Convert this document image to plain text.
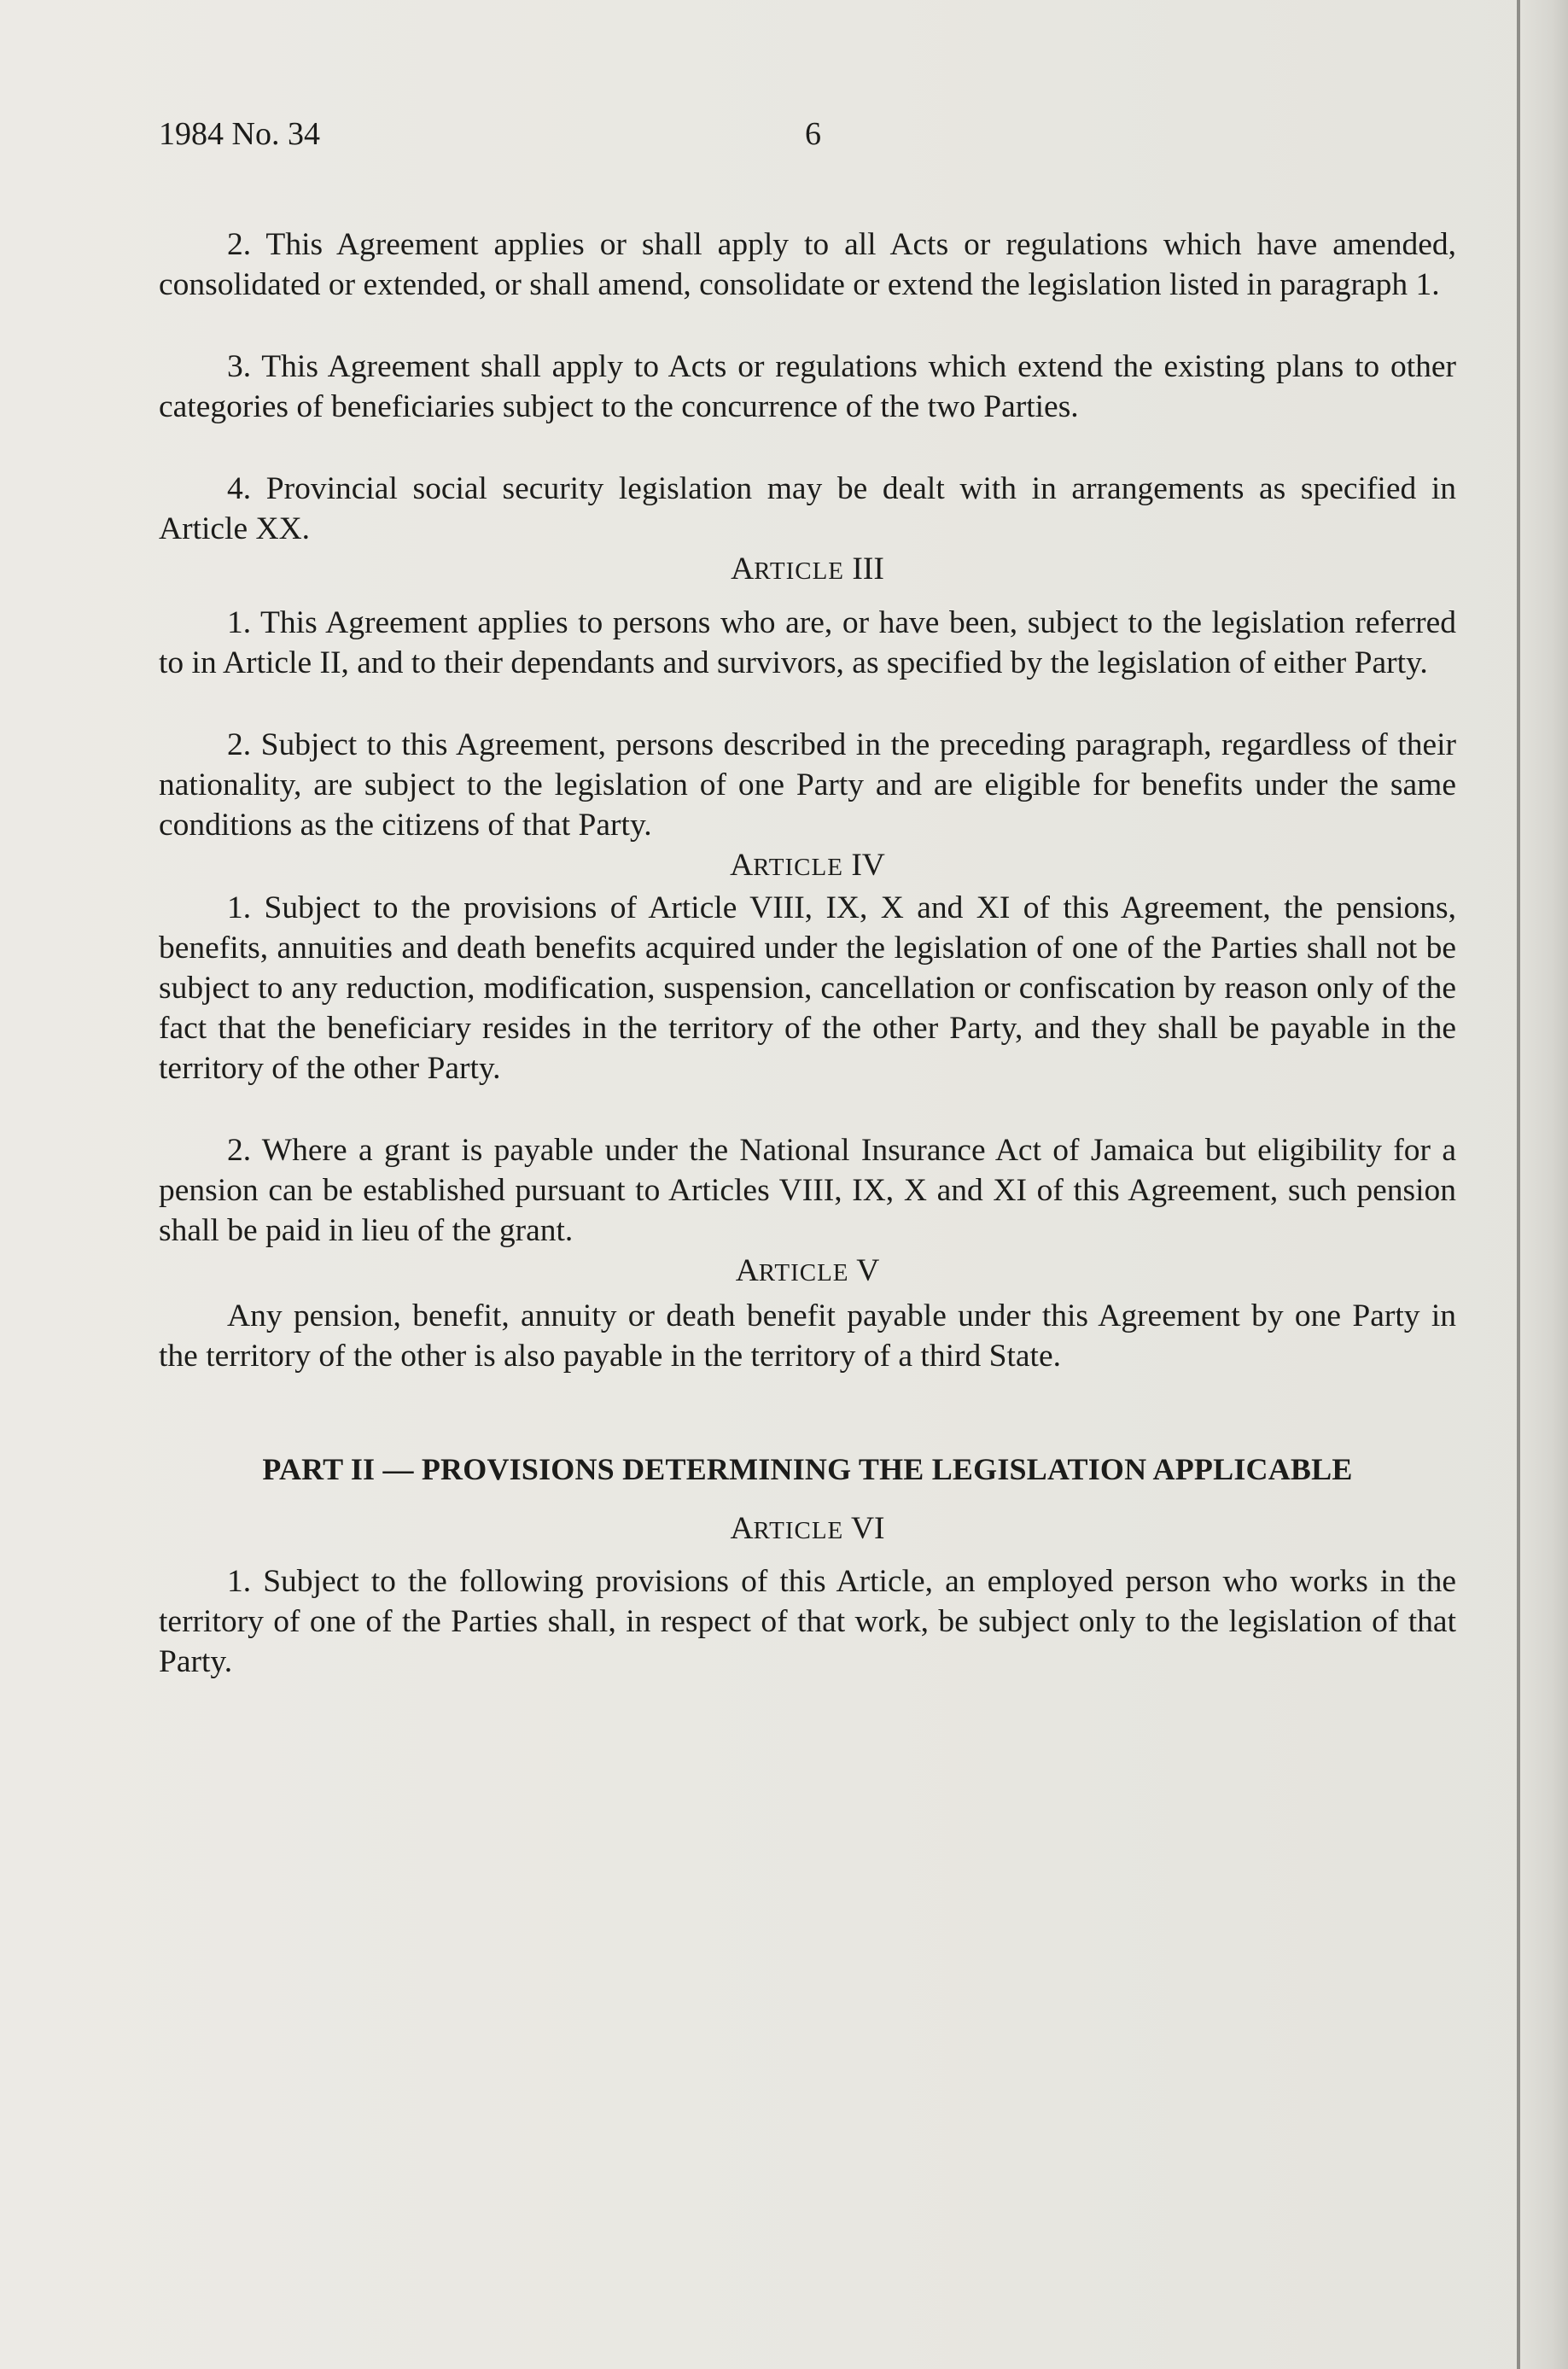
1984 No. 34	6

2. This Agreement applies or shall apply to all Acts or regulations which have amended, consolidated or extended, or shall amend, consolidate or extend the legislation listed in paragraph 1.

3. This Agreement shall apply to Acts or regulations which extend the existing plans to other categories of beneficiaries subject to the concurrence of the two Parties.

4. Provincial social security legislation may be dealt with in arrangements as specified in Article XX.

ARTICLE III

1. This Agreement applies to persons who are, or have been, subject to the legislation referred to in Article II, and to their dependants and survivors, as specified by the legislation of either Party.

2. Subject to this Agreement, persons described in the preceding paragraph, regardless of their nationality, are subject to the legislation of one Party and are eligible for benefits under the same conditions as the citizens of that Party.

ARTICLE IV

1. Subject to the provisions of Article VIII, IX, X and XI of this Agreement, the pensions, benefits, annuities and death benefits acquired under the legislation of one of the Parties shall not be subject to any reduction, modification, suspension, cancellation or confiscation by reason only of the fact that the beneficiary resides in the territory of the other Party, and they shall be payable in the territory of the other Party.

2. Where a grant is payable under the National Insurance Act of Jamaica but eligibility for a pension can be established pursuant to Articles VIII, IX, X and XI of this Agreement, such pension shall be paid in lieu of the grant.

ARTICLE V

Any pension, benefit, annuity or death benefit payable under this Agreement by one Party in the territory of the other is also payable in the territory of a third State.

PART II — PROVISIONS DETERMINING THE LEGISLATION APPLICABLE

ARTICLE VI

1. Subject to the following provisions of this Article, an employed person who works in the territory of one of the Parties shall, in respect of that work, be subject only to the legislation of that Party.
